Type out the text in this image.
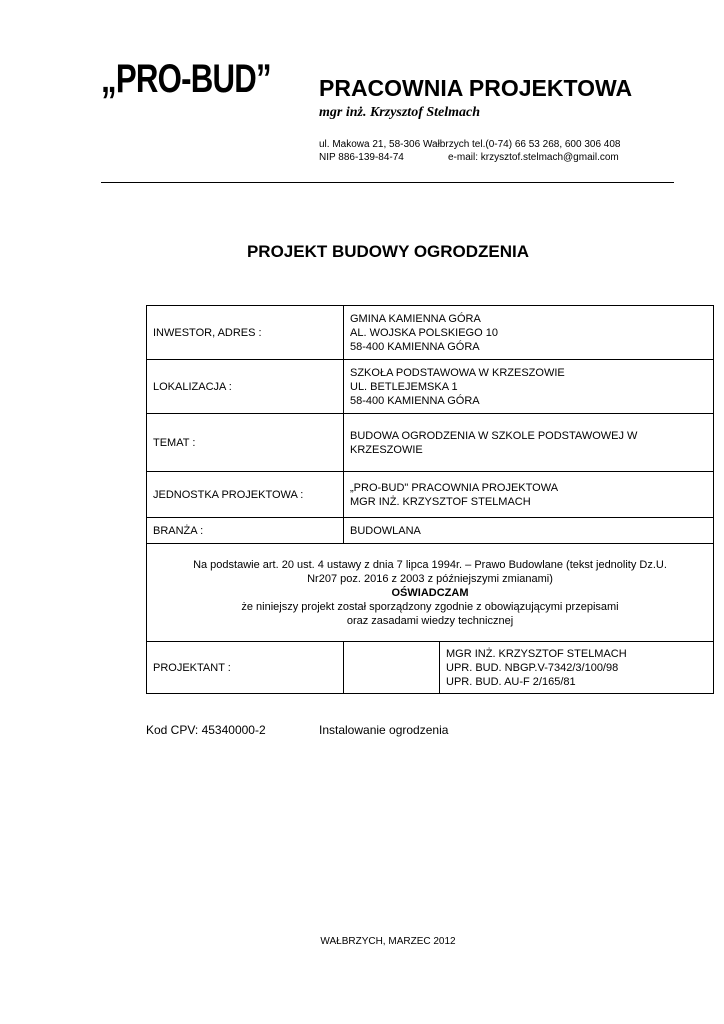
„PRO-BUD” PRACOWNIA PROJEKTOWA
mgr inż. Krzysztof Stelmach
ul. Makowa 21, 58-306 Wałbrzych tel.(0-74) 66 53 268, 600 306 408
NIP 886-139-84-74	e-mail: krzysztof.stelmach@gmail.com
PROJEKT BUDOWY OGRODZENIA
INWESTOR, ADRES :	GMINA KAMIENNA GÓRA
AL. WOJSKA POLSKIEGO 10
58-400 KAMIENNA GÓRA	

LOKALIZACJA :	SZKOŁA PODSTAWOWA W KRZESZOWIE
UL. BETLEJEMSKA 1
58-400 KAMIENNA GÓRA	

TEMAT :	BUDOWA OGRODZENIA W SZKOLE PODSTAWOWEJ W
KRZESZOWIE	

JEDNOSTKA PROJEKTOWA :	„PRO-BUD" PRACOWNIA PROJEKTOWA
MGR INŻ. KRZYSZTOF STELMACH	

BRANŻA :	BUDOWLANA	

Na podstawie art. 20 ust. 4 ustawy z dnia 7 lipca 1994r. – Prawo Budowlane (tekst jednolity Dz.U.
Nr207 poz. 2016 z 2003 z późniejszymi zmianami)
OŚWIADCZAM
że niniejszy projekt został sporządzony zgodnie z obowiązującymi przepisami
oraz zasadami wiedzy technicznej		

PROJEKTANT :		MGR INŻ. KRZYSZTOF STELMACH
UPR. BUD. NBGP.V-7342/3/100/98
UPR. BUD. AU-F 2/165/81
Kod CPV: 45340000-2	Instalowanie ogrodzenia
WAŁBRZYCH, MARZEC 2012
